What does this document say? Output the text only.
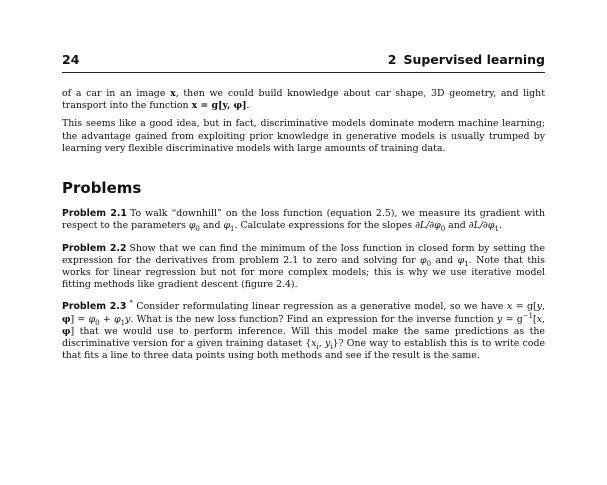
24	2 Supervised learning

of a car in an image x, then we could build knowledge about car shape, 3D geometry, and light transport into the function x = g[y, φ].

This seems like a good idea, but in fact, discriminative models dominate modern machine learning; the advantage gained from exploiting prior knowledge in generative models is usually trumped by learning very flexible discriminative models with large amounts of training data.

Problems

Problem 2.1 To walk “downhill” on the loss function (equation 2.5), we measure its gradient with respect to the parameters $\varphi_0$ and $\varphi_1$. Calculate expressions for the slopes $\partial L/\partial\varphi_0$ and $\partial L/\partial\varphi_1$.

Problem 2.2 Show that we can find the minimum of the loss function in closed form by setting the expression for the derivatives from problem 2.1 to zero and solving for $\varphi_0$ and $\varphi_1$. Note that this works for linear regression but not for more complex models; this is why we use iterative model fitting methods like gradient descent (figure 2.4).

Problem 2.3 * Consider reformulating linear regression as a generative model, so we have x = g[y, $\varphi] = \varphi_0 + \varphi_1y$. What is the new loss function? Find an expression for the inverse function $y = g^{-1}[x$, φ] that we would use to perform inference. Will this model make the same predictions as the discriminative version for a given training dataset {$x_i$, $y_i$}? One way to establish this is to write code that fits a line to three data points using both methods and see if the result is the same.
